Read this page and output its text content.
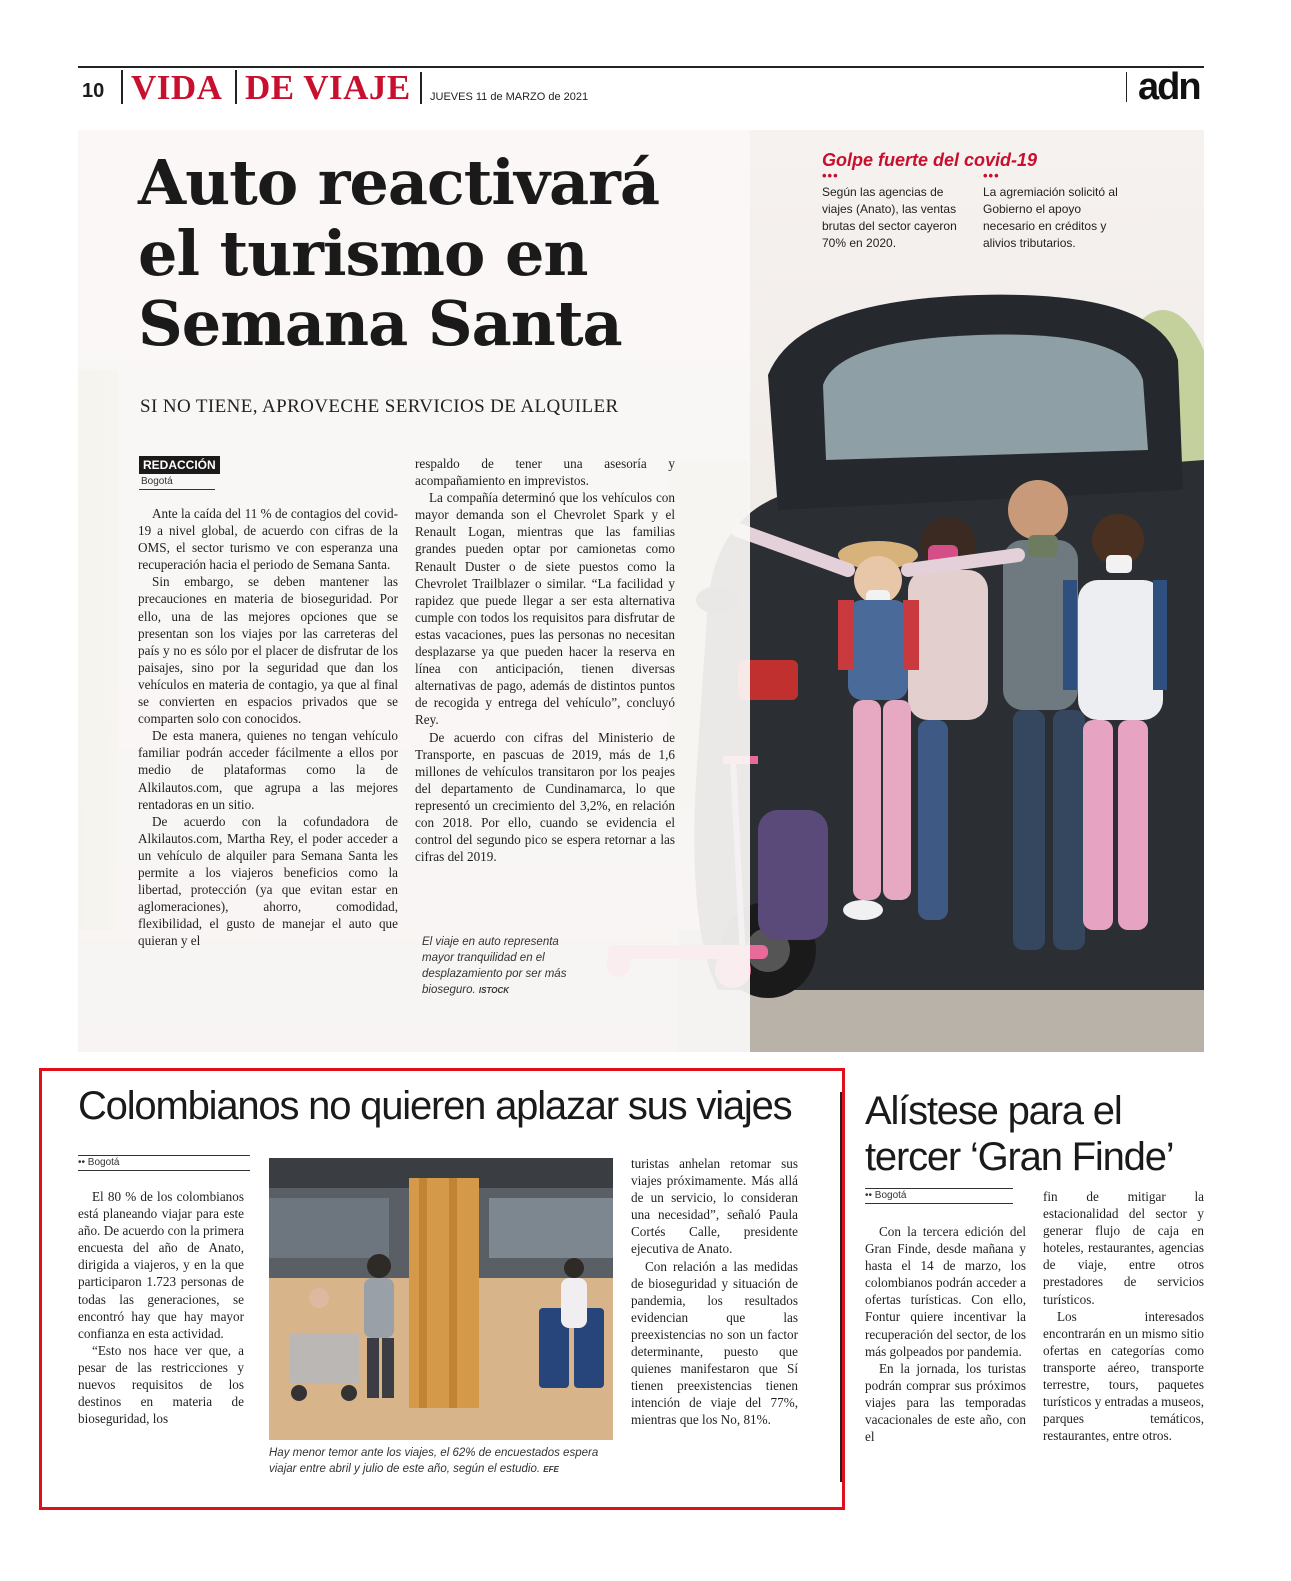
10 VIDA DE VIAJE JUEVES 11 de MARZO de 2021	adn
Auto reactivará el turismo en Semana Santa
SI NO TIENE, APROVECHE SERVICIOS DE ALQUILER
REDACCIÓN
Bogotá

Ante la caída del 11 % de contagios del covid-19 a nivel global, de acuerdo con cifras de la OMS, el sector turismo ve con esperanza una recuperación hacia el periodo de Semana Santa.

Sin embargo, se deben mantener las precauciones en materia de bioseguridad. Por ello, una de las mejores opciones que se presentan son los viajes por las carreteras del país y no es sólo por el placer de disfrutar de los paisajes, sino por la seguridad que dan los vehículos en materia de contagio, ya que al final se convierten en espacios privados que se comparten solo con conocidos.

De esta manera, quienes no tengan vehículo familiar podrán acceder fácilmente a ellos por medio de plataformas como la de Alkilautos.com, que agrupa a las mejores rentadoras en un sitio.

De acuerdo con la cofundadora de Alkilautos.com, Martha Rey, el poder acceder a un vehículo de alquiler para Semana Santa les permite a los viajeros beneficios como la libertad, protección (ya que evitan estar en aglomeraciones), ahorro, comodidad, flexibilidad, el gusto de manejar el auto que quieran y el

respaldo de tener una asesoría y acompañamiento en imprevistos.

La compañía determinó que los vehículos con mayor demanda son el Chevrolet Spark y el Renault Logan, mientras que las familias grandes pueden optar por camionetas como Renault Duster o de siete puestos como la Chevrolet Trailblazer o similar. “La facilidad y rapidez que puede llegar a ser esta alternativa cumple con todos los requisitos para disfrutar de estas vacaciones, pues las personas no necesitan desplazarse ya que pueden hacer la reserva en línea con anticipación, tienen diversas alternativas de pago, además de distintos puntos de recogida y entrega del vehículo”, concluyó Rey.

De acuerdo con cifras del Ministerio de Transporte, en pascuas de 2019, más de 1,6 millones de vehículos transitaron por los peajes del departamento de Cundinamarca, lo que representó un crecimiento del 3,2%, en relación con 2018. Por ello, cuando se evidencia el control del segundo pico se espera retornar a las cifras del 2019.

El viaje en auto representa mayor tranquilidad en el desplazamiento por ser más bioseguro. ISTOCK
Golpe fuerte del covid-19
•••	•••
Según las agencias de viajes (Anato), las ventas brutas del sector cayeron 70% en 2020.
La agremiación solicitó al Gobierno el apoyo necesario en créditos y alivios tributarios.
Colombianos no quieren aplazar sus viajes
•• Bogotá

El 80 % de los colombianos está planeando viajar para este año. De acuerdo con la primera encuesta del año de Anato, dirigida a viajeros, y en la que participaron 1.723 personas de todas las generaciones, se encontró hay que hay mayor confianza en esta actividad.

“Esto nos hace ver que, a pesar de las restricciones y nuevos requisitos de los destinos en materia de bioseguridad, los

Hay menor temor ante los viajes, el 62% de encuestados espera viajar entre abril y julio de este año, según el estudio. EFE

turistas anhelan retomar sus viajes próximamente. Más allá de un servicio, lo consideran una necesidad”, señaló Paula Cortés Calle, presidente ejecutiva de Anato.

Con relación a las medidas de bioseguridad y situación de pandemia, los resultados evidencian que las preexistencias no son un factor determinante, puesto que quienes manifestaron que Sí tienen preexistencias tienen intención de viaje del 77%, mientras que los No, 81%.

Alístese para el tercer ‘Gran Finde’
•• Bogotá

Con la tercera edición del Gran Finde, desde mañana y hasta el 14 de marzo, los colombianos podrán acceder a ofertas turísticas. Con ello, Fontur quiere incentivar la recuperación del sector, de los más golpeados por pandemia.

En la jornada, los turistas podrán comprar sus próximos viajes para las temporadas vacacionales de este año, con el

fin de mitigar la estacionalidad del sector y generar flujo de caja en hoteles, restaurantes, agencias de viaje, entre otros prestadores de servicios turísticos.

Los interesados encontrarán en un mismo sitio ofertas en categorías como transporte aéreo, transporte terrestre, tours, paquetes turísticos y entradas a museos, parques temáticos, restaurantes, entre otros.
